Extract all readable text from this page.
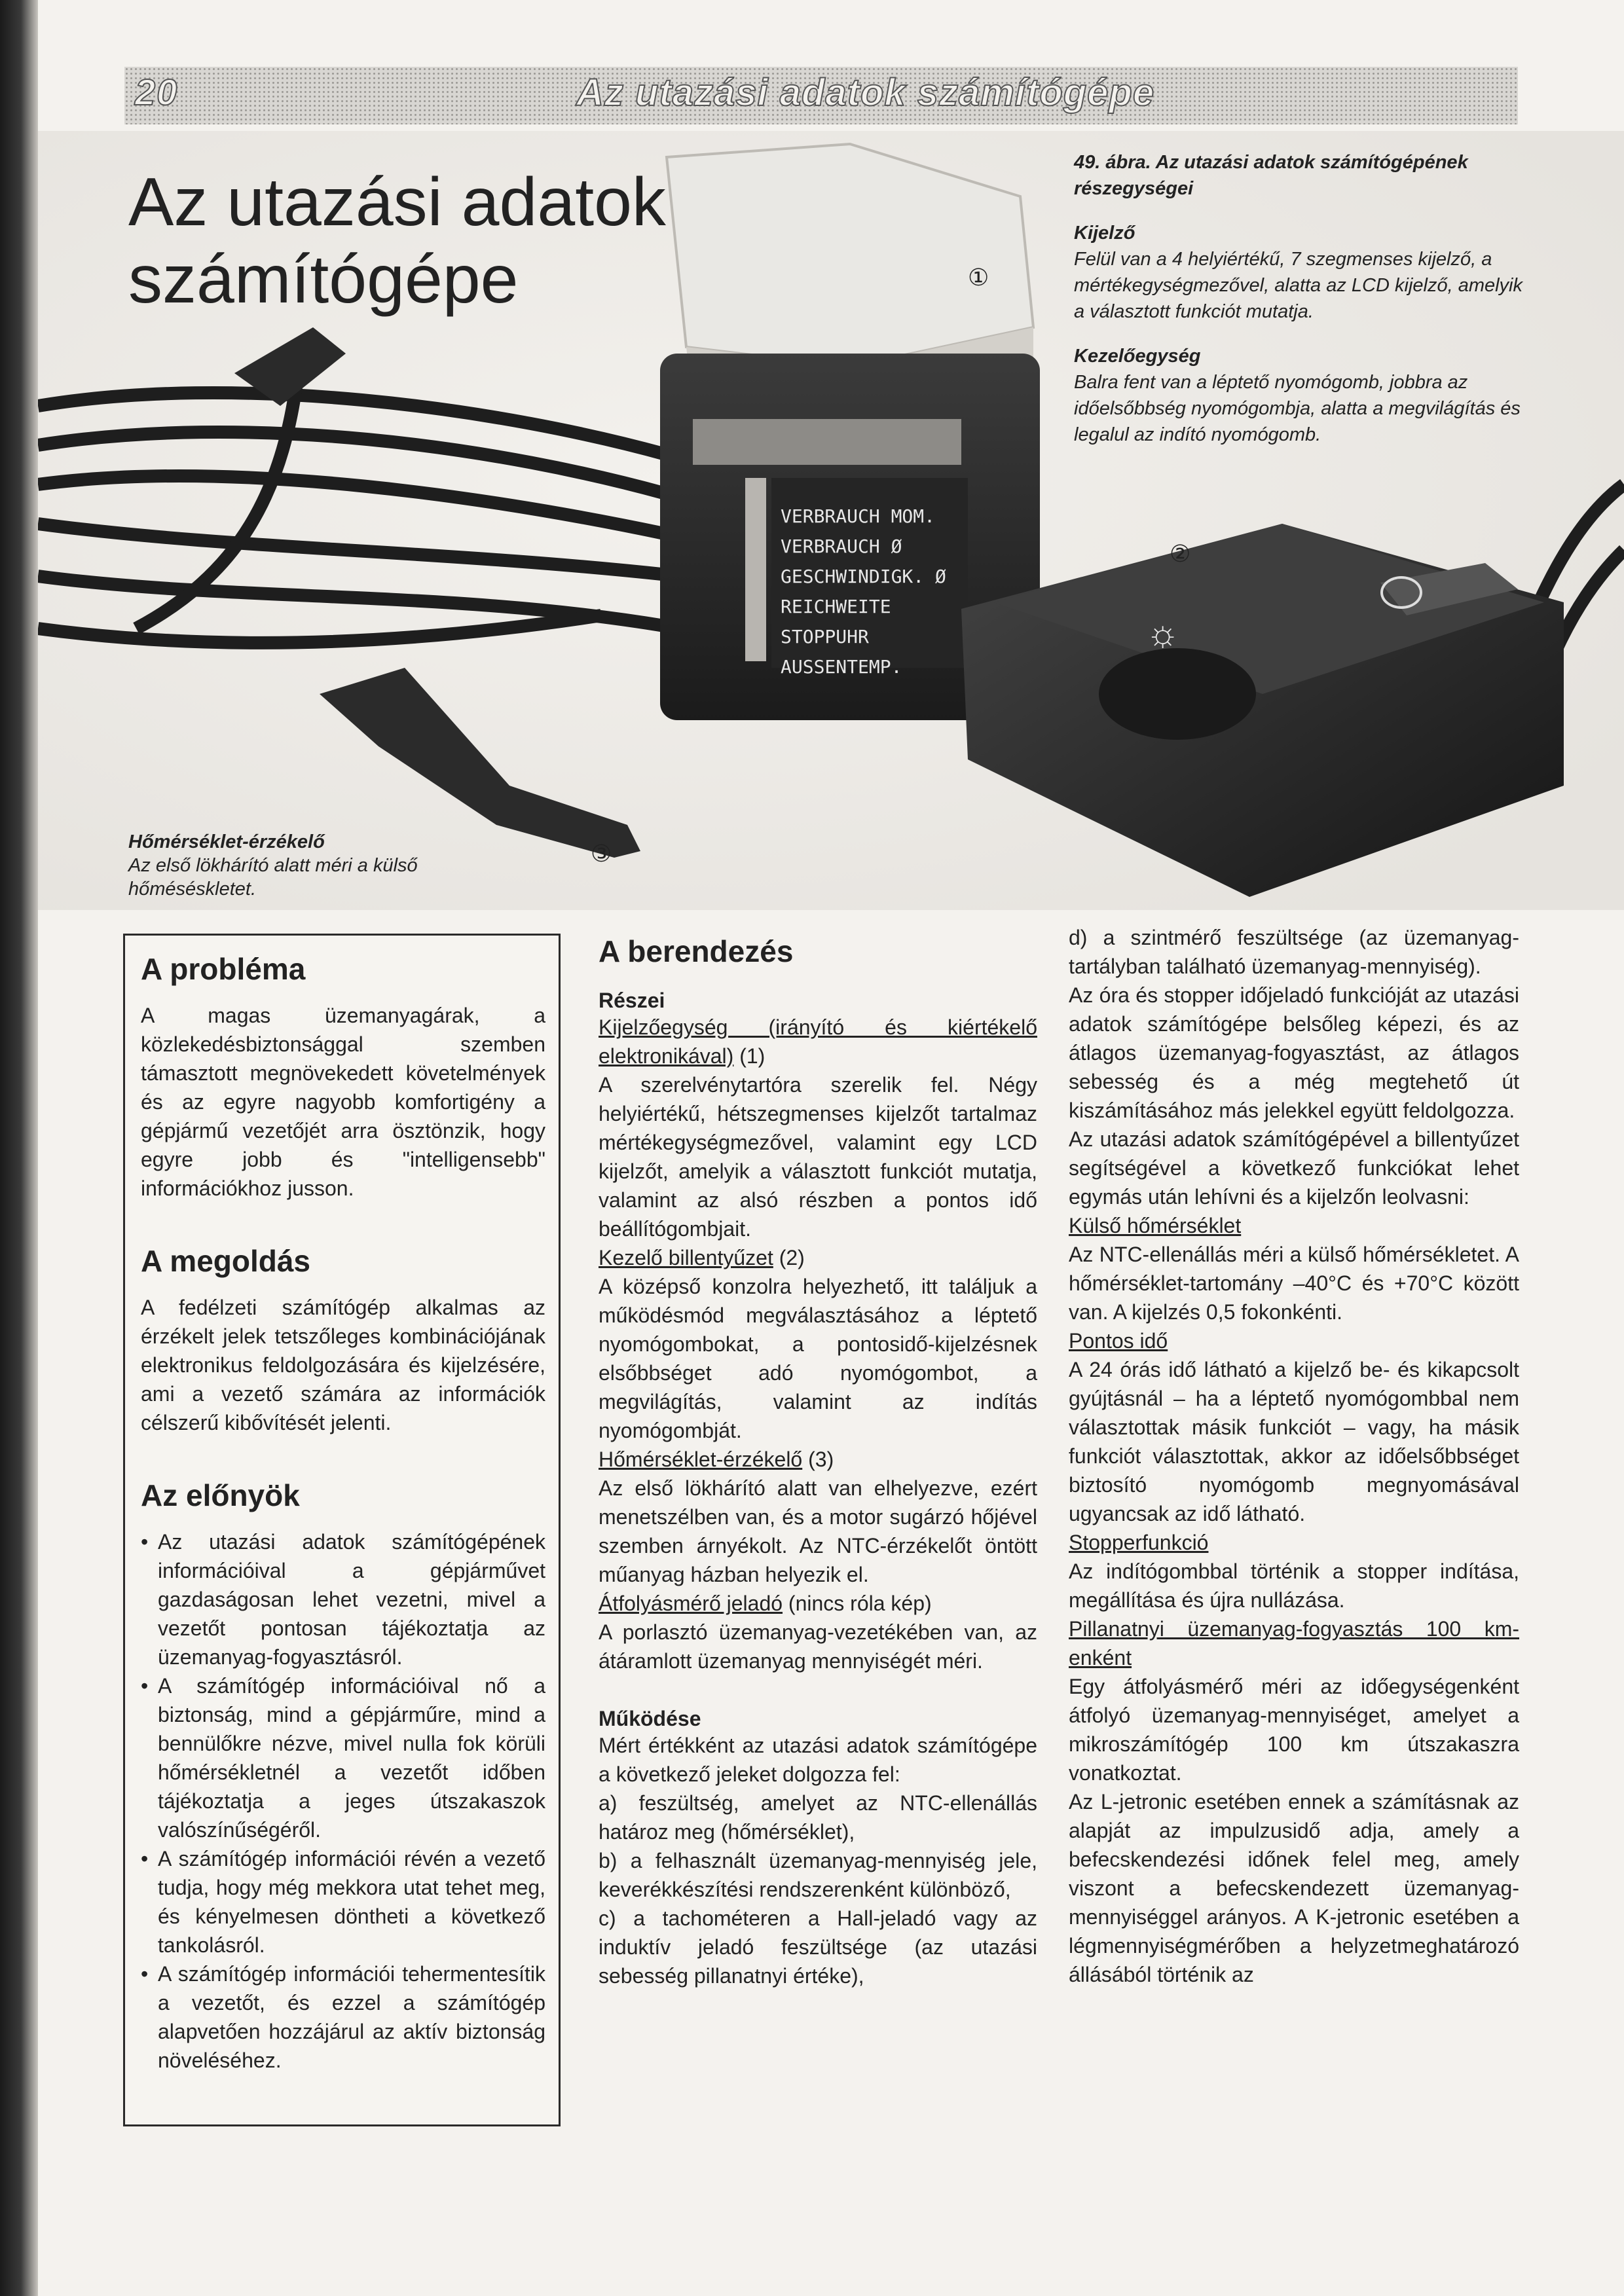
20	Az utazási adatok számítógépe
VERBRAUCH MOM.
VERBRAUCH Ø
GESCHWINDIGK. Ø
REICHWEITE
STOPPUHR
AUSSENTEMP.
☼
①
②
③
Az utazási adatok számítógépe
49. ábra. Az utazási adatok számítógépének részegységei
Kijelző
Felül van a 4 helyiértékű, 7 szegmenses kijelző, a mértékegységmezővel, alatta az LCD kijelző, amelyik a választott funkciót mutatja.
Kezelőegység
Balra fent van a léptető nyomógomb, jobbra az időelsőbbség nyomógombja, alatta a megvilágítás és legalul az indító nyomógomb.
Hőmérséklet-érzékelő
Az első lökhárító alatt méri a külső hőméséskletet.
A probléma

A magas üzemanyagárak, a közlekedésbiztonsággal szemben támasztott megnövekedett követelmények és az egyre nagyobb komfortigény a gépjármű vezetőjét arra ösztönzik, hogy egyre jobb és "intelligensebb" információkhoz jusson.

A megoldás

A fedélzeti számítógép alkalmas az érzékelt jelek tetszőleges kombinációjának elektronikus feldolgozására és kijelzésére, ami a vezető számára az információk célszerű kibővítését jelenti.

Az előnyök
• Az utazási adatok számítógépének információival a gépjárművet gazdaságosan lehet vezetni, mivel a vezetőt pontosan tájékoztatja az üzemanyag-fogyasztásról.
• A számítógép információival nő a biztonság, mind a gépjárműre, mind a bennülőkre nézve, mivel nulla fok körüli hőmérsékletnél a vezetőt időben tájékoztatja a jeges útszakaszok valószínűségéről.
• A számítógép információi révén a vezető tudja, hogy még mekkora utat tehet meg, és kényelmesen döntheti a következő tankolásról.
• A számítógép információi tehermentesítik a vezetőt, és ezzel a számítógép alapvetően hozzájárul az aktív biztonság növeléséhez.
A berendezés
Részei

Kijelzőegység (irányító és kiértékelő elektronikával) (1)

A szerelvénytartóra szerelik fel. Négy helyiértékű, hétszegmenses kijelzőt tartalmaz mértékegységmezővel, valamint egy LCD kijelzőt, amelyik a választott funkciót mutatja, valamint az alsó részben a pontos idő beállítógombjait.

Kezelő billentyűzet (2)

A középső konzolra helyezhető, itt találjuk a működésmód megválasztásához a léptető nyomógombokat, a pontosidő-kijelzésnek elsőbbséget adó nyomógombot, a megvilágítás, valamint az indítás nyomógombját.

Hőmérséklet-érzékelő (3)

Az első lökhárító alatt van elhelyezve, ezért menetszélben van, és a motor sugárzó hőjével szemben árnyékolt. Az NTC-érzékelőt öntött műanyag házban helyezik el.

Átfolyásmérő jeladó (nincs róla kép)

A porlasztó üzemanyag-vezetékében van, az átáramlott üzemanyag mennyiségét méri.

Működése

Mért értékként az utazási adatok számítógépe a következő jeleket dolgozza fel:

a) feszültség, amelyet az NTC-ellenállás határoz meg (hőmérséklet),

b) a felhasznált üzemanyag-mennyiség jele, keverékkészítési rendszerenként különböző,

c) a tachométeren a Hall-jeladó vagy az induktív jeladó feszültsége (az utazási sebesség pillanatnyi értéke),

d) a szintmérő feszültsége (az üzemanyag-tartályban található üzemanyag-mennyiség).

Az óra és stopper időjeladó funkcióját az utazási adatok számítógépe belsőleg képezi, és az átlagos üzemanyag-fogyasztást, az átlagos sebesség és a még megtehető út kiszámításához más jelekkel együtt feldolgozza.

Az utazási adatok számítógépével a billentyűzet segítségével a következő funkciókat lehet egymás után lehívni és a kijelzőn leolvasni:

Külső hőmérséklet

Az NTC-ellenállás méri a külső hőmérsékletet. A hőmérséklet-tartomány –40°C és +70°C között van. A kijelzés 0,5 fokonkénti.

Pontos idő

A 24 órás idő látható a kijelző be- és kikapcsolt gyújtásnál – ha a léptető nyomógombbal nem választottak másik funkciót – vagy, ha másik funkciót választottak, akkor az időelsőbbséget biztosító nyomógomb megnyomásával ugyancsak az idő látható.

Stopperfunkció

Az indítógombbal történik a stopper indítása, megállítása és újra nullázása.

Pillanatnyi üzemanyag-fogyasztás 100 km-enként

Egy átfolyásmérő méri az időegységenként átfolyó üzemanyag-mennyiséget, amelyet a mikroszámítógép 100 km útszakaszra vonatkoztat.

Az L-jetronic esetében ennek a számításnak az alapját az impulzusidő adja, amely a befecskendezési időnek felel meg, amely viszont a befecskendezett üzemanyag-mennyiséggel arányos. A K-jetronic esetében a légmennyiségmérőben a helyzetmeghatározó állásából történik az
